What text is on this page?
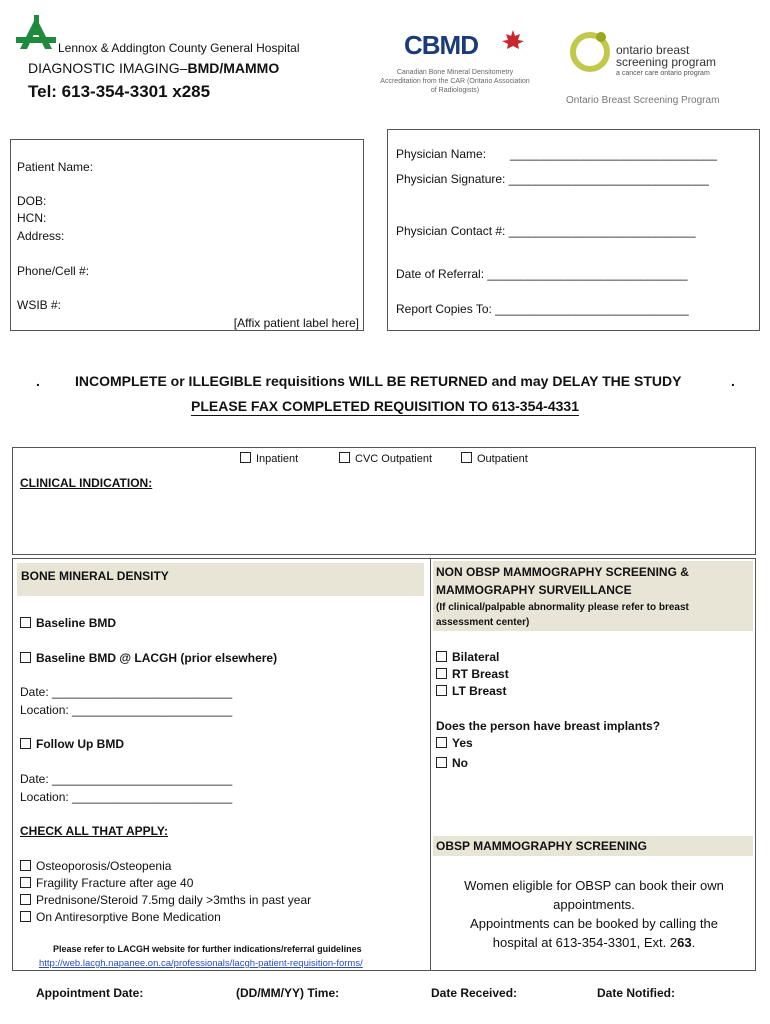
Lennox & Addington County General Hospital
DIAGNOSTIC IMAGING–BMD/MAMMO
Tel: 613-354-3301 x285
CBMD
Canadian Bone Mineral Densitometry Accreditation from the CAR (Ontario Association of Radiologists)
ontario breast
screening program
a cancer care ontario program
Ontario Breast Screening Program
Patient Name:
DOB:
HCN:
Address:
Phone/Cell #:
WSIB #:
[Affix patient label here]
Physician Name: _______________________________
Physician Signature: ______________________________
Physician Contact #: ____________________________
Date of Referral: ______________________________
Report Copies To: _____________________________
.	INCOMPLETE or ILLEGIBLE requisitions WILL BE RETURNED and may DELAY THE STUDY	.
PLEASE FAX COMPLETED REQUISITION TO 613-354-4331
Inpatient	CVC Outpatient	Outpatient
CLINICAL INDICATION:
BONE MINERAL DENSITY
Baseline BMD
Baseline BMD @ LACGH (prior elsewhere)
Date: ___________________________
Location: ________________________
Follow Up BMD
Date: ___________________________
Location: ________________________
CHECK ALL THAT APPLY:
Osteoporosis/Osteopenia
Fragility Fracture after age 40
Prednisone/Steroid 7.5mg daily >3mths in past year
On Antiresorptive Bone Medication
Please refer to LACGH website for further indications/referral guidelines
http://web.lacgh.napanee.on.ca/professionals/lacgh-patient-requisition-forms/
NON OBSP MAMMOGRAPHY SCREENING &
MAMMOGRAPHY SURVEILLANCE
(If clinical/palpable abnormality please refer to breast
assessment center)
Bilateral
RT Breast
LT Breast
Does the person have breast implants?
Yes
No
OBSP MAMMOGRAPHY SCREENING
Women eligible for OBSP can book their own
appointments.
Appointments can be booked by calling the
hospital at 613-354-3301, Ext. 263.
Appointment Date:	(DD/MM/YY) Time:	Date Received:	Date Notified:
